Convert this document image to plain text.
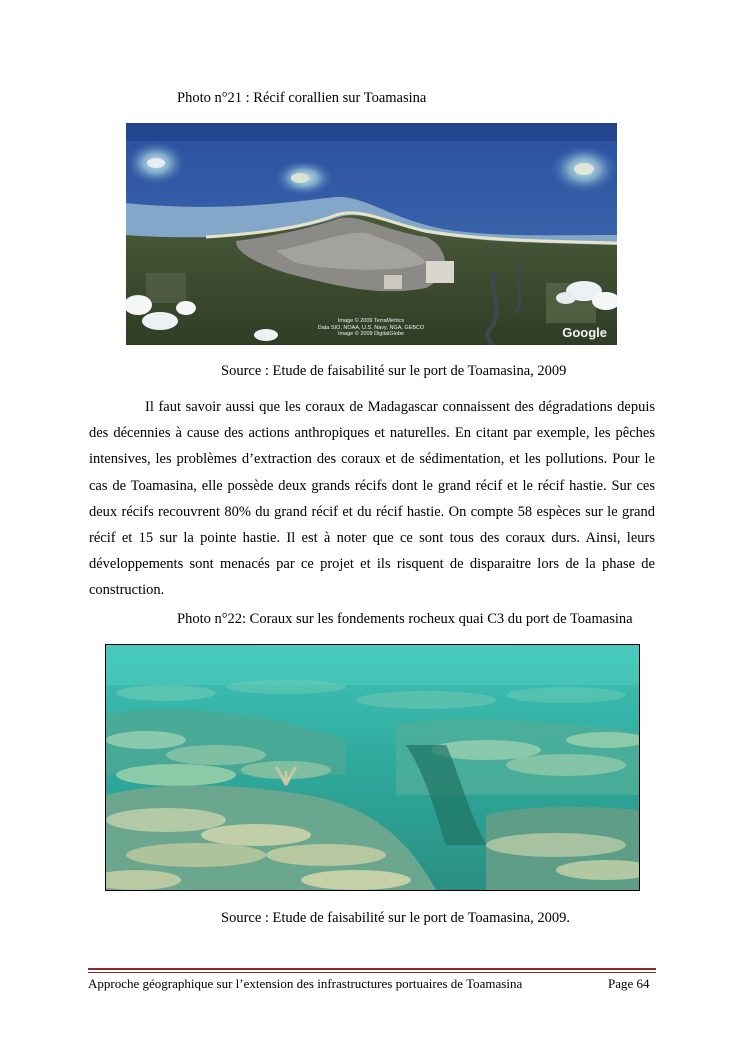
Photo n°21 : Récif corallien sur Toamasina
Image © 2009 TerraMetrics
Data SIO, NOAA, U.S. Navy, NGA, GEBCO
Image © 2009 DigitalGlobe	Google
Source : Etude de faisabilité sur le port de Toamasina, 2009

Il faut savoir aussi que les coraux de Madagascar connaissent des dégradations depuis des décennies à cause des actions anthropiques et naturelles. En citant par exemple, les pêches intensives, les problèmes d’extraction des coraux et de sédimentation, et les pollutions. Pour le cas de Toamasina, elle possède deux grands récifs dont le grand récif et le récif hastie. Sur ces deux récifs recouvrent 80% du grand récif et du récif hastie. On compte 58 espèces sur le grand récif et 15 sur la pointe hastie. Il est à noter que ce sont tous des coraux durs. Ainsi, leurs développements sont menacés par ce projet et ils risquent de disparaitre lors de la phase de construction.

Photo n°22: Coraux sur les fondements rocheux quai C3 du port de Toamasina
Source : Etude de faisabilité sur le port de Toamasina, 2009.
Approche géographique sur l’extension des infrastructures portuaires de Toamasina	Page 64
